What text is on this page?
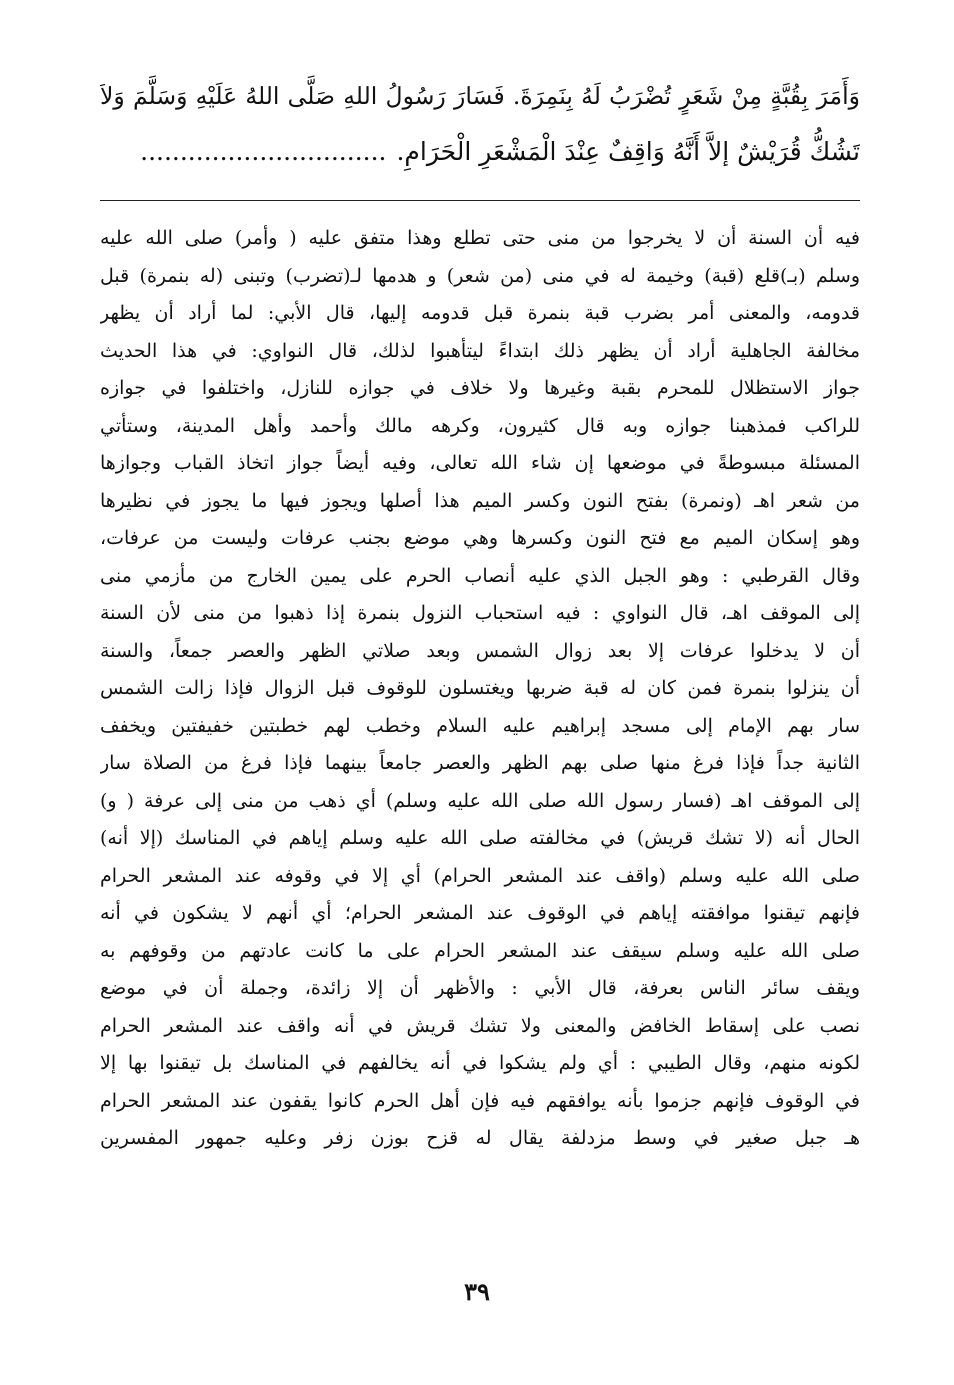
وَأَمَرَ بِقُبَّةٍ مِنْ شَعَرٍ تُضْرَبُ لَهُ بِنَمِرَةَ. فَسَارَ رَسُولُ اللهِ صَلَّى اللهُ عَلَيْهِ وَسَلَّمَ وَلاَ
تَشُكُّ قُرَيْشٌ إلاَّ أَنَّهُ وَاقِفٌ عِنْدَ الْمَشْعَرِ الْحَرَامِ................................
فيه أن السنة أن لا يخرجوا من منى حتى تطلع وهذا متفق عليه ( وأمر) صلى الله عليه
وسلم (بـ)قلع (قبة) وخيمة له في منى (من شعر) و هدمها لـ(تضرب) وتبنى (له بنمرة) قبل
قدومه، والمعنى أمر بضرب قبة بنمرة قبل قدومه إليها، قال الأبي: لما أراد أن يظهر
مخالفة الجاهلية أراد أن يظهر ذلك ابتداءً ليتأهبوا لذلك، قال النواوي: في هذا الحديث
جواز الاستظلال للمحرم بقبة وغيرها ولا خلاف في جوازه للنازل، واختلفوا في جوازه
للراكب فمذهبنا جوازه وبه قال كثيرون، وكرهه مالك وأحمد وأهل المدينة، وستأتي
المسئلة مبسوطةً في موضعها إن شاء الله تعالى، وفيه أيضاً جواز اتخاذ القباب وجوازها
من شعر اهـ (ونمرة) بفتح النون وكسر الميم هذا أصلها ويجوز فيها ما يجوز في نظيرها
وهو إسكان الميم مع فتح النون وكسرها وهي موضع بجنب عرفات وليست من عرفات،
وقال القرطبي : وهو الجبل الذي عليه أنصاب الحرم على يمين الخارج من مأزمي منى
إلى الموقف اهـ، قال النواوي : فيه استحباب النزول بنمرة إذا ذهبوا من منى لأن السنة
أن لا يدخلوا عرفات إلا بعد زوال الشمس وبعد صلاتي الظهر والعصر جمعاً، والسنة
أن ينزلوا بنمرة فمن كان له قبة ضربها ويغتسلون للوقوف قبل الزوال فإذا زالت الشمس
سار بهم الإمام إلى مسجد إبراهيم عليه السلام وخطب لهم خطبتين خفيفتين ويخفف
الثانية جداً فإذا فرغ منها صلى بهم الظهر والعصر جامعاً بينهما فإذا فرغ من الصلاة سار
إلى الموقف اهـ (فسار رسول الله صلى الله عليه وسلم) أي ذهب من منى إلى عرفة ( و)
الحال أنه (لا تشك قريش) في مخالفته صلى الله عليه وسلم إياهم في المناسك (إلا أنه)
صلى الله عليه وسلم (واقف عند المشعر الحرام) أي إلا في وقوفه عند المشعر الحرام
فإنهم تيقنوا موافقته إياهم في الوقوف عند المشعر الحرام؛ أي أنهم لا يشكون في أنه
صلى الله عليه وسلم سيقف عند المشعر الحرام على ما كانت عادتهم من وقوفهم به
ويقف سائر الناس بعرفة، قال الأبي : والأظهر أن إلا زائدة، وجملة أن في موضع
نصب على إسقاط الخافض والمعنى ولا تشك قريش في أنه واقف عند المشعر الحرام
لكونه منهم، وقال الطيبي : أي ولم يشكوا في أنه يخالفهم في المناسك بل تيقنوا بها إلا
في الوقوف فإنهم جزموا بأنه يوافقهم فيه فإن أهل الحرم كانوا يقفون عند المشعر الحرام
هـ جبل صغير في وسط مزدلفة يقال له قزح بوزن زفر وعليه جمهور المفسرين
٣٩
